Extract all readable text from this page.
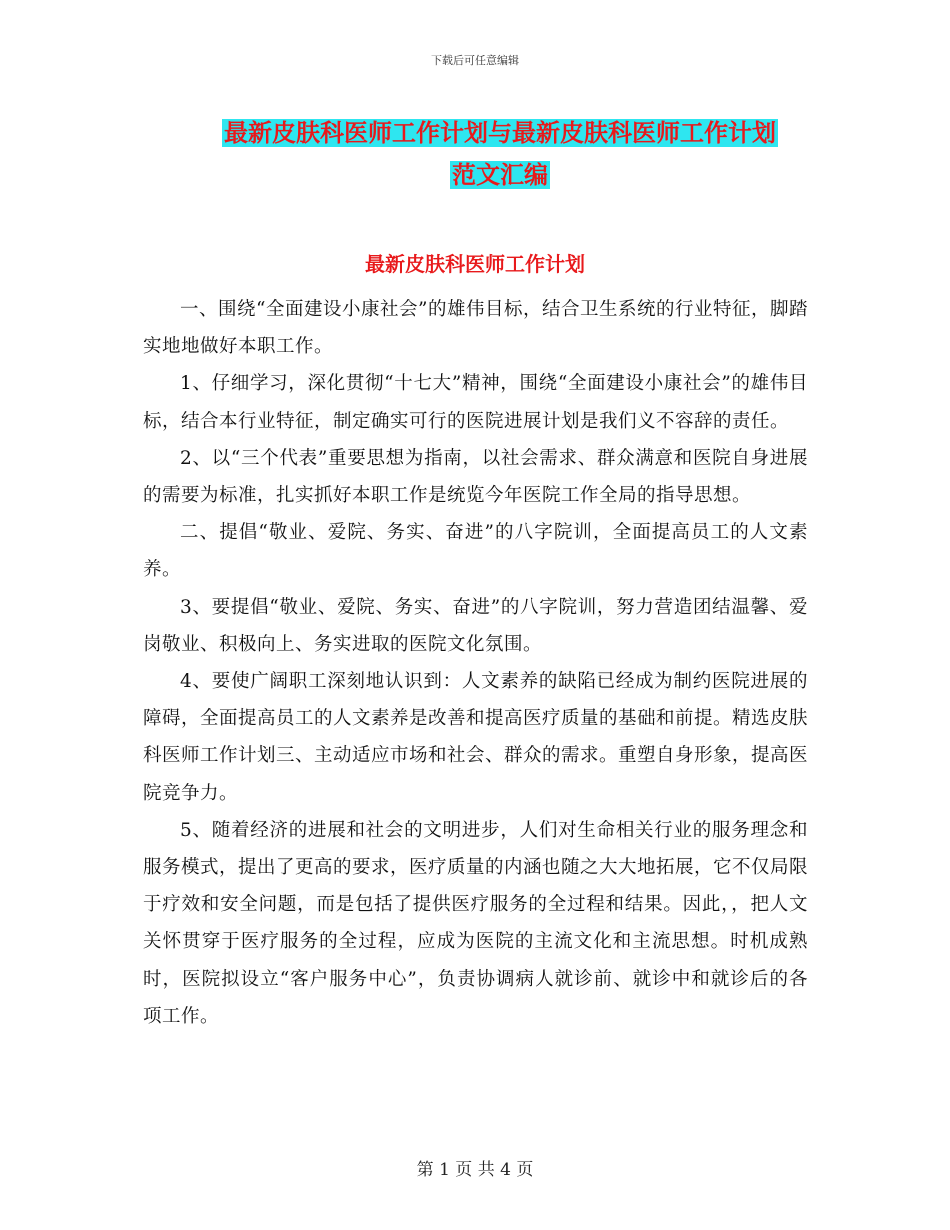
下载后可任意编辑
最新皮肤科医师工作计划与最新皮肤科医师工作计划
范文汇编
最新皮肤科医师工作计划

一、围绕“全面建设小康社会”的雄伟目标，结合卫生系统的行业特征，脚踏实地地做好本职工作。

1、仔细学习，深化贯彻“十七大”精神，围绕“全面建设小康社会”的雄伟目标，结合本行业特征，制定确实可行的医院进展计划是我们义不容辞的责任。

2、以“三个代表”重要思想为指南，以社会需求、群众满意和医院自身进展的需要为标准，扎实抓好本职工作是统览今年医院工作全局的指导思想。

二、提倡“敬业、爱院、务实、奋进”的八字院训，全面提高员工的人文素养。

3、要提倡“敬业、爱院、务实、奋进”的八字院训，努力营造团结温馨、爱岗敬业、积极向上、务实进取的医院文化氛围。

4、要使广阔职工深刻地认识到：人文素养的缺陷已经成为制约医院进展的障碍，全面提高员工的人文素养是改善和提高医疗质量的基础和前提。精选皮肤科医师工作计划三、主动适应市场和社会、群众的需求。重塑自身形象，提高医院竞争力。

5、随着经济的进展和社会的文明进步，人们对生命相关行业的服务理念和服务模式，提出了更高的要求，医疗质量的内涵也随之大大地拓展，它不仅局限于疗效和安全问题，而是包括了提供医疗服务的全过程和结果。因此，，把人文关怀贯穿于医疗服务的全过程，应成为医院的主流文化和主流思想。时机成熟时，医院拟设立“客户服务中心”，负责协调病人就诊前、就诊中和就诊后的各项工作。

第 1 页 共 4 页
